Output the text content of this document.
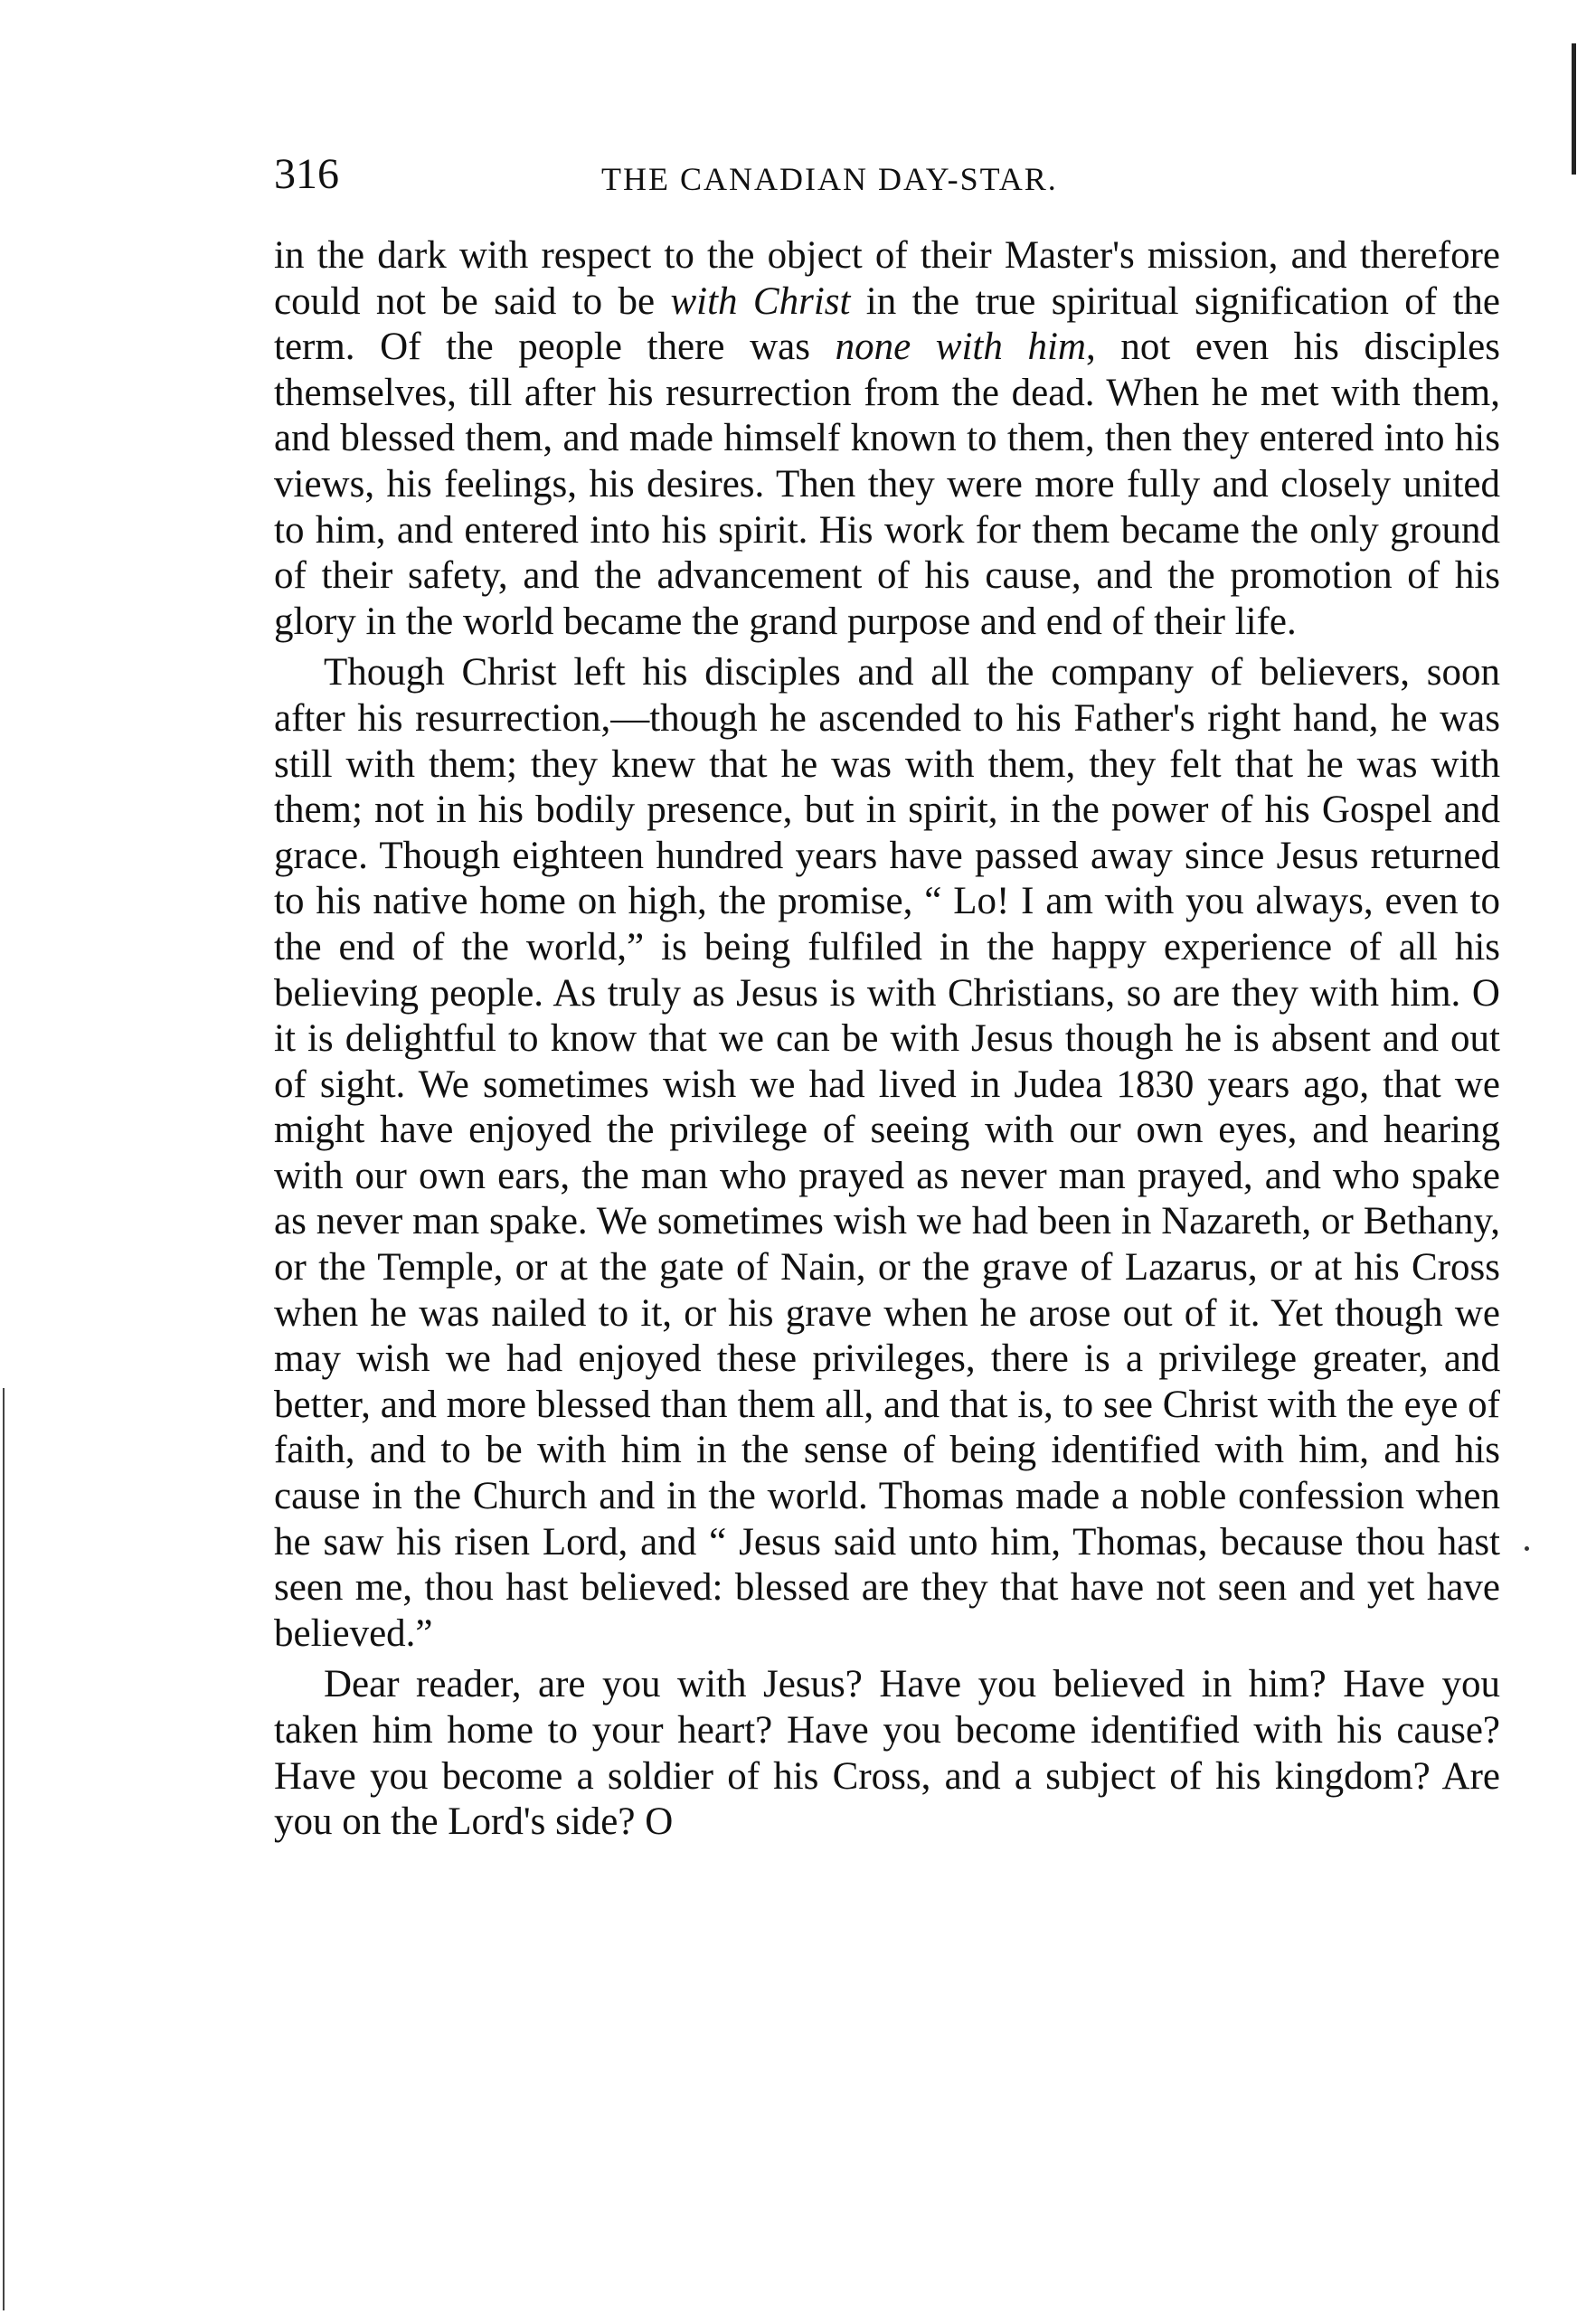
316	THE CANADIAN DAY-STAR.

in the dark with respect to the object of their Master's mission, and therefore could not be said to be with Christ in the true spiritual signification of the term. Of the people there was none with him, not even his disciples themselves, till after his resurrection from the dead. When he met with them, and blessed them, and made himself known to them, then they entered into his views, his feelings, his desires. Then they were more fully and closely united to him, and entered into his spirit. His work for them became the only ground of their safety, and the advancement of his cause, and the promotion of his glory in the world became the grand purpose and end of their life.

Though Christ left his disciples and all the company of believers, soon after his resurrection,—though he ascended to his Father's right hand, he was still with them; they knew that he was with them, they felt that he was with them; not in his bodily presence, but in spirit, in the power of his Gospel and grace. Though eighteen hundred years have passed away since Jesus returned to his native home on high, the promise, “ Lo! I am with you always, even to the end of the world,” is being fulfiled in the happy experience of all his believing people. As truly as Jesus is with Christians, so are they with him. O it is delightful to know that we can be with Jesus though he is absent and out of sight. We sometimes wish we had lived in Judea 1830 years ago, that we might have enjoyed the privilege of seeing with our own eyes, and hearing with our own ears, the man who prayed as never man prayed, and who spake as never man spake. We sometimes wish we had been in Nazareth, or Bethany, or the Temple, or at the gate of Nain, or the grave of Lazarus, or at his Cross when he was nailed to it, or his grave when he arose out of it. Yet though we may wish we had enjoyed these privileges, there is a privilege greater, and better, and more blessed than them all, and that is, to see Christ with the eye of faith, and to be with him in the sense of being identified with him, and his cause in the Church and in the world. Thomas made a noble confession when he saw his risen Lord, and “ Jesus said unto him, Thomas, because thou hast seen me, thou hast believed: blessed are they that have not seen and yet have believed.”

Dear reader, are you with Jesus? Have you believed in him? Have you taken him home to your heart? Have you become identified with his cause? Have you become a soldier of his Cross, and a subject of his kingdom? Are you on the Lord's side? O
